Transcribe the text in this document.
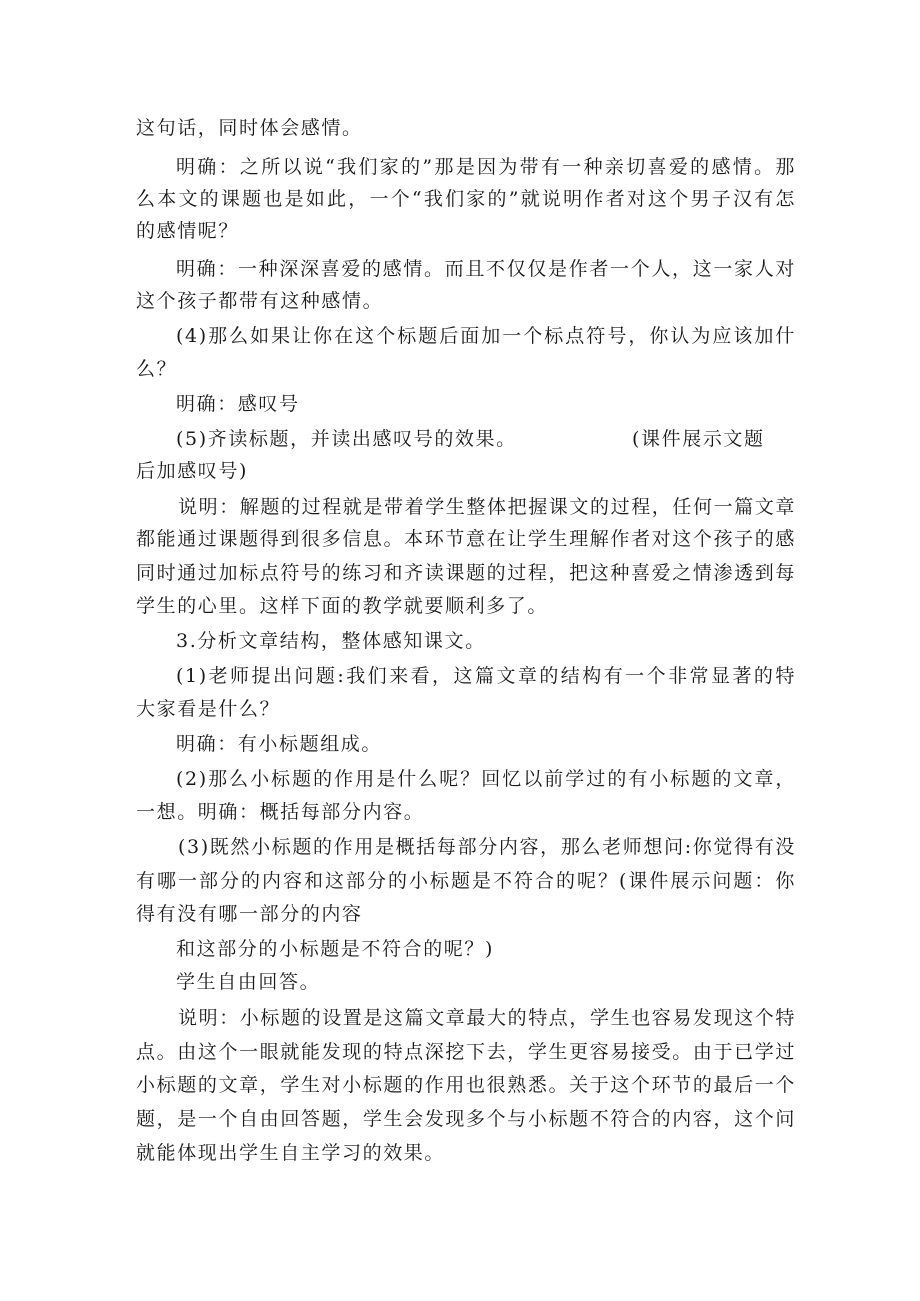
这句话，同时体会感情。
明确：之所以说“我们家的”那是因为带有一种亲切喜爱的感情。那
么本文的课题也是如此，一个“我们家的”就说明作者对这个男子汉有怎
的感情呢？
明确：一种深深喜爱的感情。而且不仅仅是作者一个人，这一家人对
这个孩子都带有这种感情。
(4)那么如果让你在这个标题后面加一个标点符号，你认为应该加什
么？
明确：感叹号
(5)齐读标题，并读出感叹号的效果。	(课件展示文题
后加感叹号)
说明：解题的过程就是带着学生整体把握课文的过程，任何一篇文章
都能通过课题得到很多信息。本环节意在让学生理解作者对这个孩子的感
同时通过加标点符号的练习和齐读课题的过程，把这种喜爱之情渗透到每
学生的心里。这样下面的教学就要顺利多了。
3.分析文章结构，整体感知课文。
(1)老师提出问题:我们来看，这篇文章的结构有一个非常显著的特
大家看是什么？
明确：有小标题组成。
(2)那么小标题的作用是什么呢？回忆以前学过的有小标题的文章，
一想。明确：概括每部分内容。
(3)既然小标题的作用是概括每部分内容，那么老师想问:你觉得有没
有哪一部分的内容和这部分的小标题是不符合的呢？(课件展示问题：你
得有没有哪一部分的内容
和这部分的小标题是不符合的呢？)
学生自由回答。
说明：小标题的设置是这篇文章最大的特点，学生也容易发现这个特
点。由这个一眼就能发现的特点深挖下去，学生更容易接受。由于已学过
小标题的文章，学生对小标题的作用也很熟悉。关于这个环节的最后一个
题，是一个自由回答题，学生会发现多个与小标题不符合的内容，这个问
就能体现出学生自主学习的效果。
